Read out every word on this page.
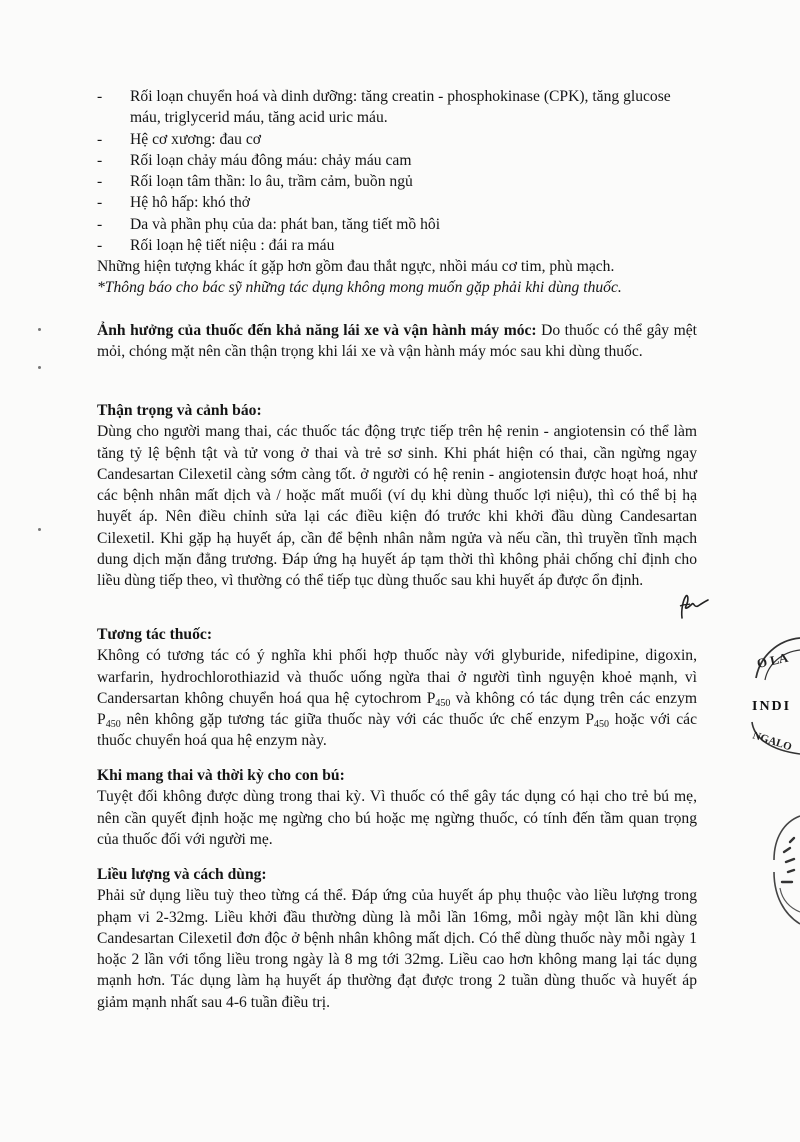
-	Rối loạn chuyển hoá và dinh dưỡng: tăng creatin - phosphokinase (CPK), tăng glucose máu, triglycerid máu, tăng acid uric máu.
-	Hệ cơ xương: đau cơ
-	Rối loạn chảy máu đông máu: chảy máu cam
-	Rối loạn tâm thần: lo âu, trầm cảm, buồn ngủ
-	Hệ hô hấp: khó thở
-	Da và phần phụ của da: phát ban, tăng tiết mồ hôi
-	Rối loạn hệ tiết niệu : đái ra máu
Những hiện tượng khác ít gặp hơn gồm đau thắt ngực, nhồi máu cơ tim, phù mạch.
*Thông báo cho bác sỹ những tác dụng không mong muốn gặp phải khi dùng thuốc.
Ảnh hưởng của thuốc đến khả năng lái xe và vận hành máy móc: Do thuốc có thể gây mệt mỏi, chóng mặt nên cần thận trọng khi lái xe và vận hành máy móc sau khi dùng thuốc.
Thận trọng và cảnh báo:
Dùng cho người mang thai, các thuốc tác động trực tiếp trên hệ renin - angiotensin có thể làm tăng tỷ lệ bệnh tật và tử vong ở thai và trẻ sơ sinh. Khi phát hiện có thai, cần ngừng ngay Candesartan Cilexetil càng sớm càng tốt. ở người có hệ renin - angiotensin được hoạt hoá, như các bệnh nhân mất dịch và / hoặc mất muối (ví dụ khi dùng thuốc lợi niệu), thì có thể bị hạ huyết áp. Nên điều chỉnh sửa lại các điều kiện đó trước khi khởi đầu dùng Candesartan Cilexetil. Khi gặp hạ huyết áp, cần để bệnh nhân nằm ngửa và nếu cần, thì truyền tĩnh mạch dung dịch mặn đẳng trương. Đáp ứng hạ huyết áp tạm thời thì không phải chống chỉ định cho liều dùng tiếp theo, vì thường có thể tiếp tục dùng thuốc sau khi huyết áp được ổn định.
Tương tác thuốc:
Không có tương tác có ý nghĩa khi phối hợp thuốc này với glyburide, nifedipine, digoxin, warfarin, hydrochlorothiazid và thuốc uống ngừa thai ở người tình nguyện khoẻ mạnh, vì Candersartan không chuyển hoá qua hệ cytochrom $P_{450}$ và không có tác dụng trên các enzym $P_{450}$ nên không gặp tương tác giữa thuốc này với các thuốc ức chế enzym $P_{450}$ hoặc với các thuốc chuyển hoá qua hệ enzym này.
Khi mang thai và thời kỳ cho con bú:
Tuyệt đối không được dùng trong thai kỳ. Vì thuốc có thể gây tác dụng có hại cho trẻ bú mẹ, nên cần quyết định hoặc mẹ ngừng cho bú hoặc mẹ ngừng thuốc, có tính đến tầm quan trọng của thuốc đối với người mẹ.
Liều lượng và cách dùng:
Phải sử dụng liều tuỳ theo từng cá thể. Đáp ứng của huyết áp phụ thuộc vào liều lượng trong phạm vi 2-32mg. Liều khởi đầu thường dùng là mỗi lần 16mg, mỗi ngày một lần khi dùng Candesartan Cilexetil đơn độc ở bệnh nhân không mất dịch. Có thể dùng thuốc này mỗi ngày 1 hoặc 2 lần với tổng liều trong ngày là 8 mg tới 32mg. Liều cao hơn không mang lại tác dụng mạnh hơn. Tác dụng làm hạ huyết áp thường đạt được trong 2 tuần dùng thuốc và huyết áp giảm mạnh nhất sau 4-6 tuần điều trị.
O LA
INDI
NGALO
